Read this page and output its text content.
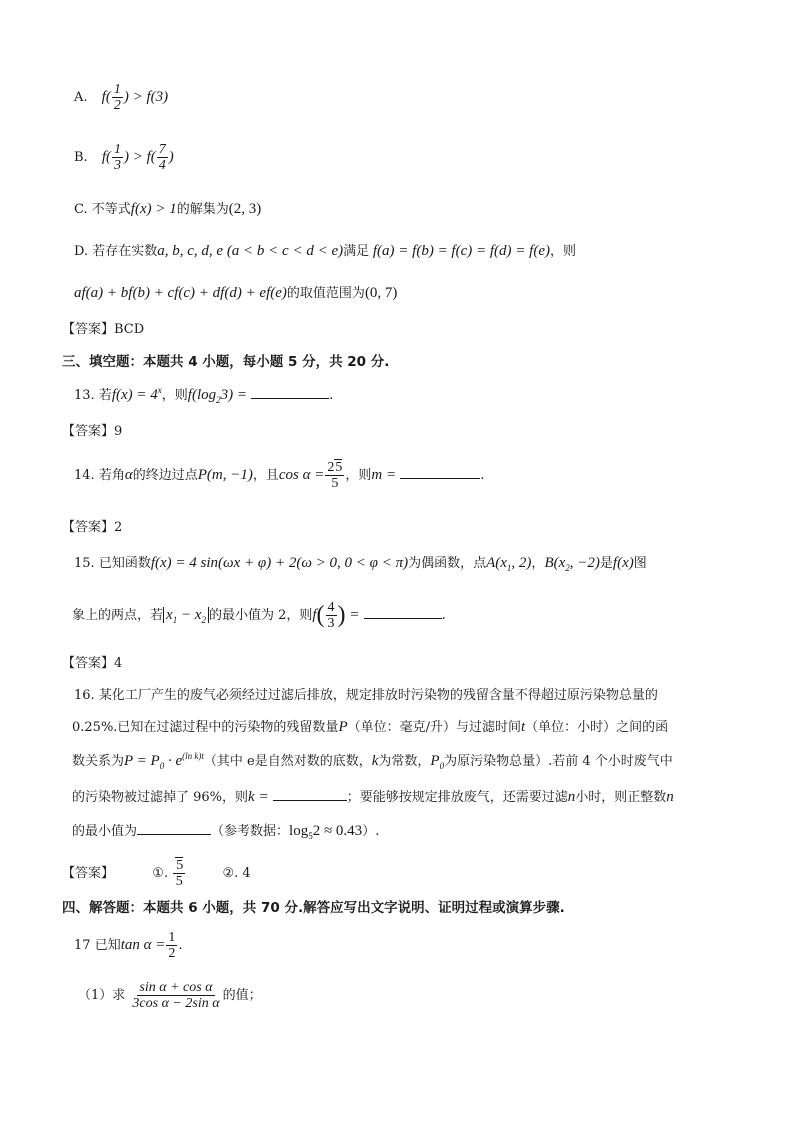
A. $f( \frac{1}{2}$ ) > f(3)
B. $f( \frac{1}{3}$ ) > $f( \frac{7}{4}$ )
C. 不等式f(x) > 1的解集为(2, 3)
D. 若存在实数a, b, c, d, e (a < b < c < d < e)满足 f(a) = f(b) = f(c) = f(d) = f(e)，则
af(a) + bf(b) + cf(c) + df(d) + ef(e)的取值范围为(0, 7)
【答案】BCD
三、填空题：本题共 4 小题，每小题 5 分，共 20 分.
13. 若$f(x) = 4^x$，则$f(\log_23)$ =	.
【答案】9
14. 若角α的终边过点P(m, −1)，且$\cos \alpha = \frac{25}{5}$ ，则m =	.
【答案】2
15. 已知函数f(x) = 4 sin(ωx + φ) + 2(ω > 0, 0 < φ < π)为偶函数，点$A(x_1$, 2)，$B(x_2$, −2)是f(x)图
象上的两点，若 $x_1 - x_2$ 的最小值为 2，则$f( \frac{4}{3}$ ) =	.
【答案】4
16. 某化工厂产生的废气必须经过过滤后排放，规定排放时污染物的残留含量不得超过原污染物总量的
0.25%.已知在过滤过程中的污染物的残留数量P（单位：毫克/升）与过滤时间t（单位：小时）之间的函
数关系为$P = P_0 \cdot e^{(ln k)t}$（其中 e是自然对数的底数，k为常数，$P_0$为原污染物总量）.若前 4 个小时废气中
的污染物被过滤掉了 96%，则k =	；要能够按规定排放废气，还需要过滤n小时，则正整数n
的最小值为	（参考数据：$\log_52 \approx 0.43$）.
【答案】	①. $\frac{5}{5}$	②. 4
四、解答题：本题共 6 小题，共 70 分.解答应写出文字说明、证明过程或演算步骤.
17 已知$\tan \alpha = \frac{1}{2}$ .
（1）求 $\frac{\text{sin α + cos α}}{\text{3cos α − 2sin α}}$ 的值；
